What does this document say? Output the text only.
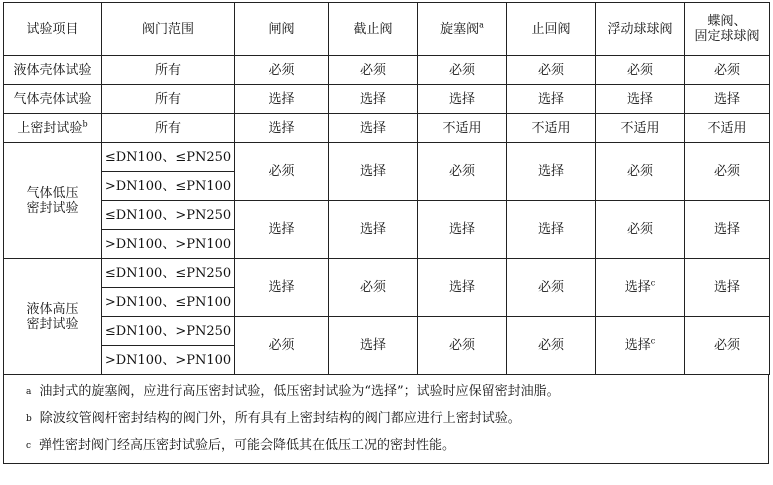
试验项目	阀门范围	闸阀	截止阀	旋塞阀$^a$	止回阀	浮动球球阀	蝶阀、
固定球球阀

液体壳体试验	所有	必须	必须	必须	必须	必须	必须
气体壳体试验	所有	选择	选择	选择	选择	选择	选择
上密封试验$^b$	所有	选择	选择	不适用	不适用	不适用	不适用

气体低压
密封试验	≤DN100、≤PN250	必须	选择	必须	选择	必须	必须
	>DN100、≤PN100						
	≤DN100、>PN250	选择	选择	选择	选择	必须	选择
	>DN100、>PN100						

液体高压
密封试验	≤DN100、≤PN250	选择	必须	选择	必须	选择$^c$	选择
	>DN100、≤PN100						
	≤DN100、>PN250	必须	选择	必须	必须	选择$^c$	必须
	>DN100、>PN100						
$^a$ 油封式的旋塞阀，应进行高压密封试验，低压密封试验为“选择”；试验时应保留密封油脂。
$^b$ 除波纹管阀杆密封结构的阀门外，所有具有上密封结构的阀门都应进行上密封试验。
$^c$ 弹性密封阀门经高压密封试验后，可能会降低其在低压工况的密封性能。
